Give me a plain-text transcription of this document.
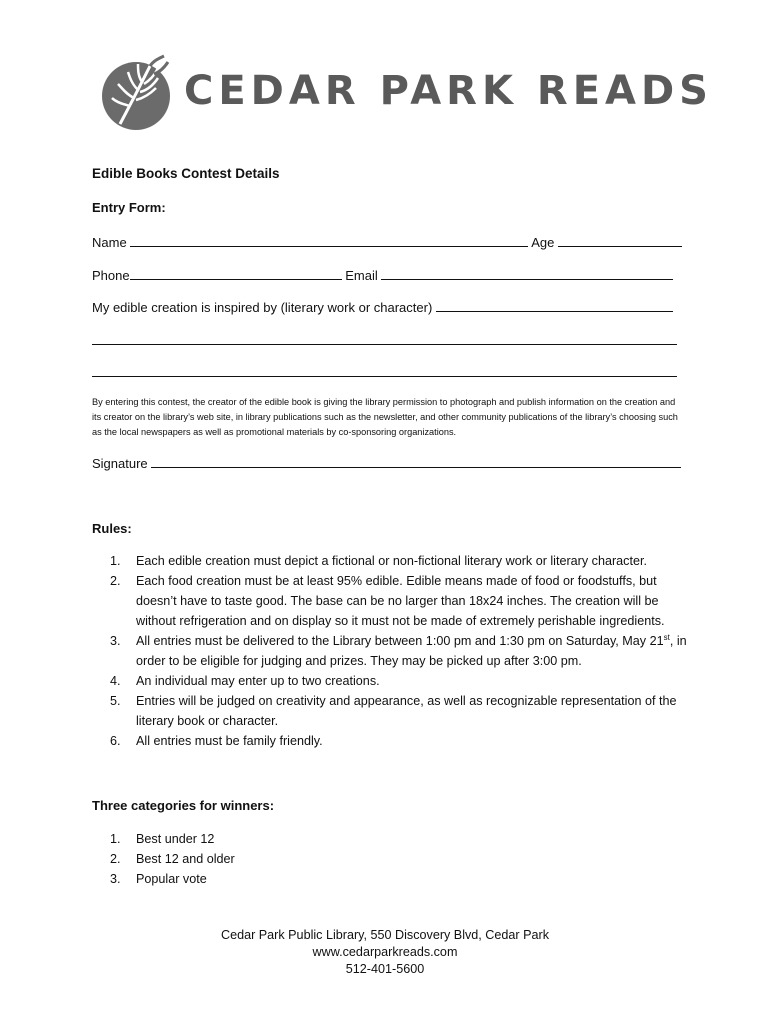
CEDAR PARK READS
Edible Books Contest Details
Entry Form:
Name	Age
Phone	Email
My edible creation is inspired by (literary work or character)
By entering this contest, the creator of the edible book is giving the library permission to photograph and publish information on the creation and its creator on the library’s web site, in library publications such as the newsletter, and other community publications of the library’s choosing such as the local newspapers as well as promotional materials by co-sponsoring organizations.
Signature
Rules:
1. Each edible creation must depict a fictional or non-fictional literary work or literary character.
2. Each food creation must be at least 95% edible. Edible means made of food or foodstuffs, but doesn’t have to taste good. The base can be no larger than 18x24 inches. The creation will be without refrigeration and on display so it must not be made of extremely perishable ingredients.
3. All entries must be delivered to the Library between 1:00 pm and 1:30 pm on Saturday, May 21st, in order to be eligible for judging and prizes. They may be picked up after 3:00 pm.
4. An individual may enter up to two creations.
5. Entries will be judged on creativity and appearance, as well as recognizable representation of the literary book or character.
6. All entries must be family friendly.
Three categories for winners:
1. Best under 12
2. Best 12 and older
3. Popular vote
Cedar Park Public Library, 550 Discovery Blvd, Cedar Park
www.cedarparkreads.com
512-401-5600
